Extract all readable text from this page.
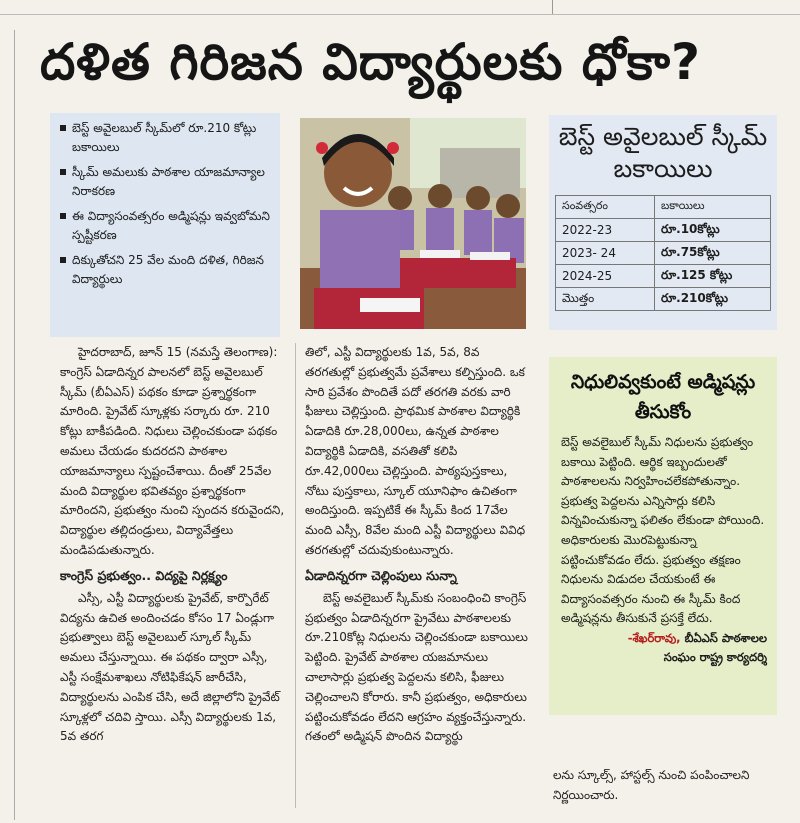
దళిత గిరిజన విద్యార్థులకు ధోకా?
బెస్ట్ అవైలబుల్ స్కీమ్‌లో రూ.210 కోట్లు బకాయిలు
స్కీమ్ అమలుకు పాఠశాల యాజమాన్యాల నిరాకరణ
ఈ విద్యాసంవత్సరం అడ్మిషన్లు ఇవ్వబోమని స్పష్టీకరణ
దిక్కుతోచని 25 వేల మంది దళిత, గిరిజన విద్యార్థులు
బెస్ట్ అవైలబుల్ స్కీమ్ బకాయిలు
సంవత్సరం	బకాయిలు
2022-23	రూ.10కోట్లు
2023- 24	రూ.75కోట్లు
2024-25	రూ.125 కోట్లు
మొత్తం	రూ.210కోట్లు

హైదరాబాద్, జూన్ 15 (నమస్తే తెలంగాణ): కాంగ్రెస్ ఏడాదిన్నర పాలనలో బెస్ట్ అవైలబుల్ స్కీమ్ (బీఏఎస్) పథకం కూడా ప్రశ్నార్థకంగా మారింది. ప్రైవేట్ స్కూళ్లకు సర్కారు రూ. 210 కోట్లు బాకీపడింది. నిధులు చెల్లించకుండా పథకం అమలు చేయడం కుదరదని పాఠశాల యాజమాన్యాలు స్పష్టంచేశాయి. దీంతో 25వేల మంది విద్యార్థుల భవితవ్యం ప్రశ్నార్థకంగా మారిందని, ప్రభుత్వం నుంచి స్పందన కరువైందని, విద్యార్థుల తల్లిదండ్రులు, విద్యావేత్తలు మండిపడుతున్నారు.

కాంగ్రెస్ ప్రభుత్వం.. విద్యపై నిర్లక్ష్యం

ఎస్సీ, ఎస్టీ విద్యార్థులకు ప్రైవేట్, కార్పొరేట్ విద్యను ఉచిత అందించడం కోసం 17 ఏండ్లుగా ప్రభుత్వాలు బెస్ట్ అవైలబుల్ స్కూల్ స్కీమ్ అమలు చేస్తున్నాయి. ఈ పథకం ద్వారా ఎస్సీ, ఎస్టీ సంక్షేమశాఖలు నోటిఫికేషన్ జారీచేసి, విద్యార్థులను ఎంపిక చేసి, అదే జిల్లాలోని ప్రైవేట్ స్కూళ్లలో చదివి స్తాయి. ఎస్సీ విద్యార్థులకు 1వ, 5వ తరగ

తిలో, ఎస్టీ విద్యార్థులకు 1వ, 5వ, 8వ తరగతుల్లో ప్రభుత్వమే ప్రవేశాలు కల్పిస్తుంది. ఒక సారి ప్రవేశం పొందితే పదో తరగతి వరకు వారి ఫీజులు చెల్లిస్తుంది. ప్రాథమిక పాఠశాల విద్యార్థికి ఏడాదికి రూ.28,000లు, ఉన్నత పాఠశాల విద్యార్థికి ఏడాదికి, వసతితో కలిపి రూ.42,000లు చెల్లిస్తుంది. పాఠ్యపుస్తకాలు, నోటు పుస్తకాలు, స్కూల్ యూనిఫాం ఉచితంగా అందిస్తుంది. ఇప్పటికే ఈ స్కీమ్ కింద 17వేల మంది ఎస్సీ, 8వేల మంది ఎస్టీ విద్యార్థులు వివిధ తరగతుల్లో చదువుకుంటున్నారు.

ఏడాదిన్నరగా చెల్లింపులు సున్నా

బెస్ట్ అవలైబుల్ స్కీమ్‌కు సంబంధించి కాంగ్రెస్ ప్రభుత్వం ఏడాదిన్నరగా ప్రైవేటు పాఠశాలలకు రూ.210కోట్ల నిధులను చెల్లించకుండా బకాయిలు పెట్టింది. ప్రైవేట్ పాఠశాల యజమానులు చాలాసార్లు ప్రభుత్వ పెద్దలను కలిసి, ఫీజులు చెల్లించాలని కోరారు. కానీ ప్రభుత్వం, అధికారులు పట్టించుకోవడం లేదని ఆగ్రహం వ్యక్తంచేస్తున్నారు. గతంలో అడ్మిషన్ పొందిన విద్యార్థు

నిధులివ్వకుంటే అడ్మిషన్లు తీసుకోం
బెస్ట్ అవలైబుల్ స్కీమ్ నిధులను ప్రభుత్వం బకాయి పెట్టింది. ఆర్థిక ఇబ్బందులతో పాఠశాలలను నిర్వహించలేకపోతున్నాం. ప్రభుత్వ పెద్దలను ఎన్నిసార్లు కలిసి విన్నవించుకున్నా ఫలితం లేకుండా పోయింది. అధికారులకు మొరపెట్టుకున్నా పట్టించుకోవడం లేదు. ప్రభుత్వం తక్షణం నిధులను విడుదల చేయకుంటే ఈ విద్యాసంవత్సరం నుంచి ఈ స్కీమ్ కింద అడ్మిషన్లను తీసుకునే ప్రసక్తే లేదు.
-శేఖర్‌రావు, బీఏఎస్ పాఠశాలల
సంఘం రాష్ట్ర కార్యదర్శి
లను స్కూల్స్, హాస్టల్స్ నుంచి పంపించాలని నిర్ణయించారు.
